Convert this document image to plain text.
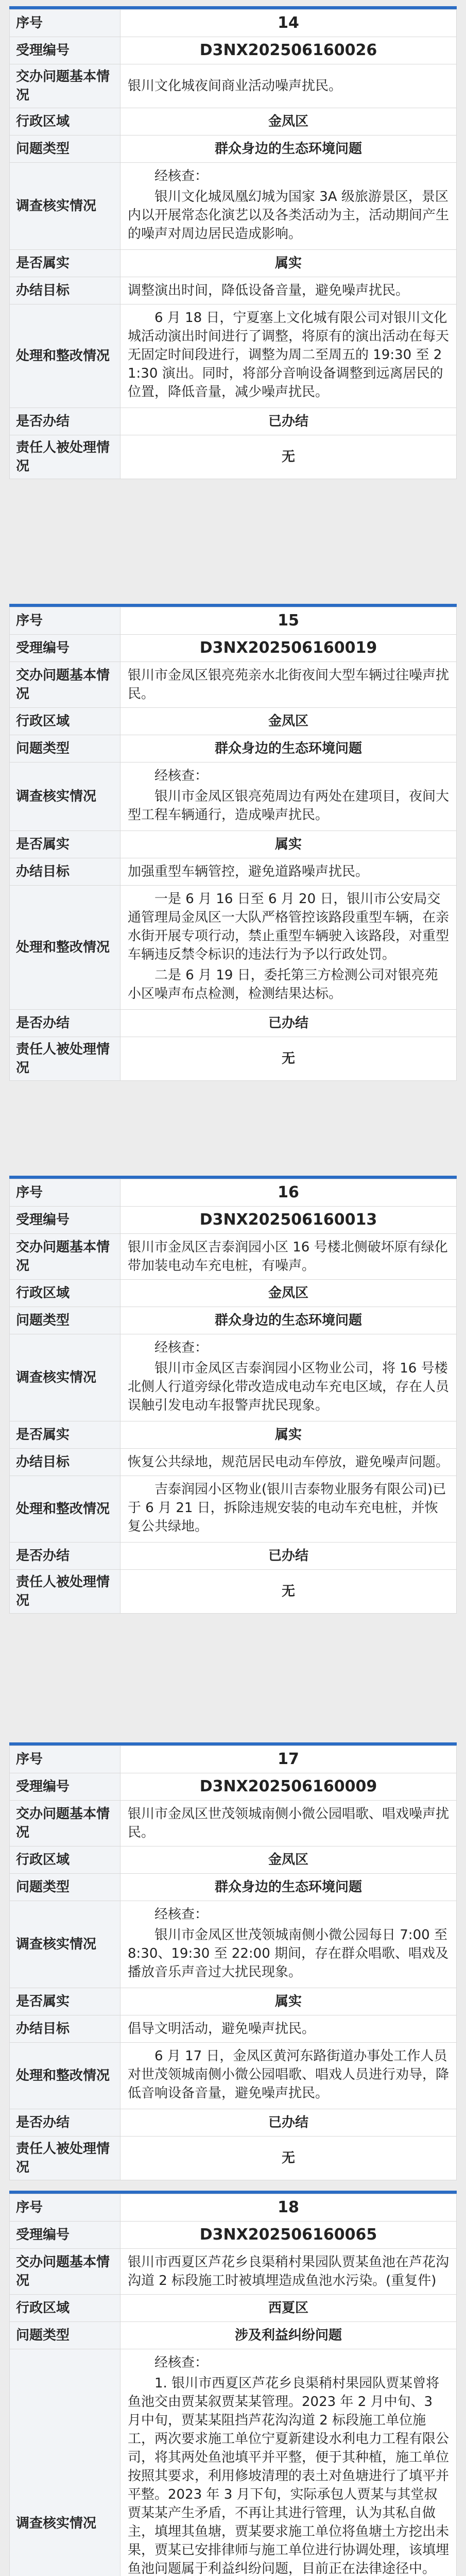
序号	14
受理编号	D3NX202506160026
交办问题基本情况	银川文化城夜间商业活动噪声扰民。
行政区域	金凤区
问题类型	群众身边的生态环境问题
调查核实情况	经核查：

银川文化城凤凰幻城为国家 3A 级旅游景区，景区内以开展常态化演艺以及各类活动为主，活动期间产生的噪声对周边居民造成影响。

是否属实	属实
办结目标	调整演出时间，降低设备音量，避免噪声扰民。
处理和整改情况	6 月 18 日，宁夏塞上文化城有限公司对银川文化城活动演出时间进行了调整，将原有的演出活动在每天无固定时间段进行，调整为周二至周五的 19:30 至 21:30 演出。同时，将部分音响设备调整到远离居民的位置，降低音量，减少噪声扰民。

是否办结	已办结
责任人被处理情况	无
序号	15
受理编号	D3NX202506160019
交办问题基本情况	银川市金凤区银亮苑亲水北街夜间大型车辆过往噪声扰民。
行政区域	金凤区
问题类型	群众身边的生态环境问题
调查核实情况	经核查：

银川市金凤区银亮苑周边有两处在建项目，夜间大型工程车辆通行，造成噪声扰民。

是否属实	属实
办结目标	加强重型车辆管控，避免道路噪声扰民。
处理和整改情况	一是 6 月 16 日至 6 月 20 日，银川市公安局交通管理局金凤区一大队严格管控该路段重型车辆，在亲水街开展专项行动，禁止重型车辆驶入该路段，对重型车辆违反禁令标识的违法行为予以行政处罚。

二是 6 月 19 日，委托第三方检测公司对银亮苑小区噪声布点检测，检测结果达标。

是否办结	已办结
责任人被处理情况	无
序号	16
受理编号	D3NX202506160013
交办问题基本情况	银川市金凤区吉泰润园小区 16 号楼北侧破坏原有绿化带加装电动车充电桩，有噪声。
行政区域	金凤区
问题类型	群众身边的生态环境问题
调查核实情况	经核查：

银川市金凤区吉泰润园小区物业公司，将 16 号楼北侧人行道旁绿化带改造成电动车充电区域，存在人员误触引发电动车报警声扰民现象。

是否属实	属实
办结目标	恢复公共绿地，规范居民电动车停放，避免噪声问题。
处理和整改情况	吉泰润园小区物业(银川吉泰物业服务有限公司)已于 6 月 21 日，拆除违规安装的电动车充电桩，并恢复公共绿地。

是否办结	已办结
责任人被处理情况	无
序号	17
受理编号	D3NX202506160009
交办问题基本情况	银川市金凤区世茂领城南侧小微公园唱歌、唱戏噪声扰民。
行政区域	金凤区
问题类型	群众身边的生态环境问题
调查核实情况	经核查：

银川市金凤区世茂领城南侧小微公园每日 7:00 至 8:30、19:30 至 22:00 期间，存在群众唱歌、唱戏及播放音乐声音过大扰民现象。

是否属实	属实
办结目标	倡导文明活动，避免噪声扰民。
处理和整改情况	6 月 17 日，金凤区黄河东路街道办事处工作人员对世茂领城南侧小微公园唱歌、唱戏人员进行劝导，降低音响设备音量，避免噪声扰民。

是否办结	已办结
责任人被处理情况	无
序号	18
受理编号	D3NX202506160065
交办问题基本情况	银川市西夏区芦花乡良渠稍村果园队贾某鱼池在芦花沟沟道 2 标段施工时被填埋造成鱼池水污染。(重复件)
行政区域	西夏区
问题类型	涉及利益纠纷问题
调查核实情况	经核查：

1. 银川市西夏区芦花乡良渠稍村果园队贾某曾将鱼池交由贾某叙贾某某管理。2023 年 2 月中旬、3 月中旬，贾某某阻挡芦花沟沟道 2 标段施工单位施工，两次要求施工单位宁夏新建设水利电力工程有限公司，将其两处鱼池填平并平整，便于其种植，施工单位按照其要求，利用修坡清理的表土对鱼塘进行了填平并平整。2023 年 3 月下旬，实际承包人贾某与其堂叔贾某某产生矛盾，不再让其进行管理，认为其私自做主，填埋其鱼塘，贾某要求施工单位将鱼塘土方挖出未果，贾某已安排律师与施工单位进行协调处理，该填埋鱼池问题属于利益纠纷问题，目前正在法律途径中。
